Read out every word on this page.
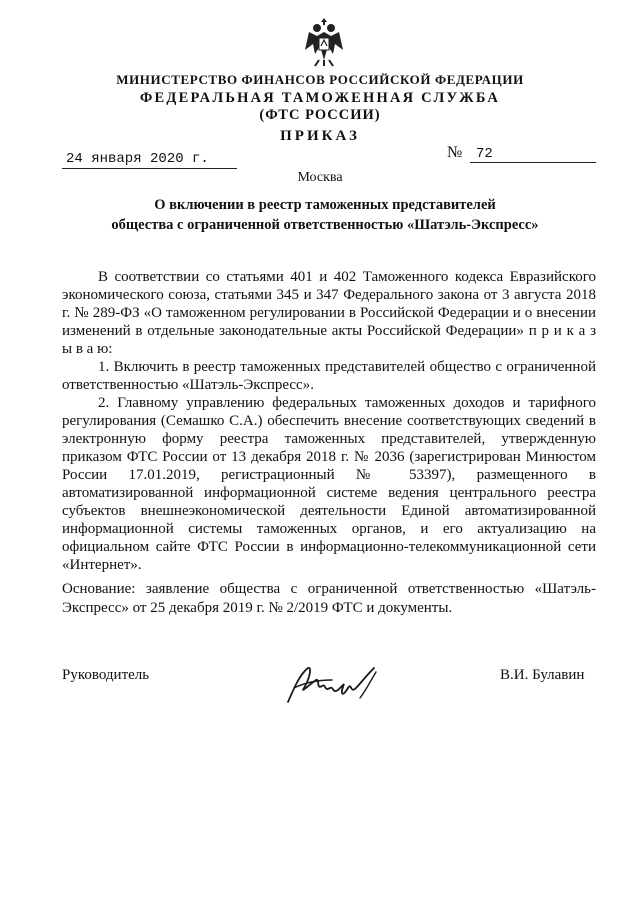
МИНИСТЕРСТВО ФИНАНСОВ РОССИЙСКОЙ ФЕДЕРАЦИИ
ФЕДЕРАЛЬНАЯ ТАМОЖЕННАЯ СЛУЖБА
(ФТС РОССИИ)
ПРИКАЗ
24 января 2020 г.	№ 72
Москва
О включении в реестр таможенных представителей
общества с ограниченной ответственностью «Шатэль-Экспресс»

В соответствии со статьями 401 и 402 Таможенного кодекса Евразийского экономического союза, статьями 345 и 347 Федерального закона от 3 августа 2018 г. № 289-ФЗ «О таможенном регулировании в Российской Федерации и о внесении изменений в отдельные законодательные акты Российской Федерации» п р и к а з ы в а ю:

1. Включить в реестр таможенных представителей общество с ограниченной ответственностью «Шатэль-Экспресс».

2. Главному управлению федеральных таможенных доходов и тарифного регулирования (Семашко С.А.) обеспечить внесение соответствующих сведений в электронную форму реестра таможенных представителей, утвержденную приказом ФТС России от 13 декабря 2018 г. № 2036 (зарегистрирован Минюстом России 17.01.2019, регистрационный № 53397), размещенного в автоматизированной информационной системе ведения центрального реестра субъектов внешнеэкономической деятельности Единой автоматизированной информационной системы таможенных органов, и его актуализацию на официальном сайте ФТС России в информационно-телекоммуникационной сети «Интернет».

Основание: заявление общества с ограниченной ответственностью «Шатэль-Экспресс» от 25 декабря 2019 г. № 2/2019 ФТС и документы.
Руководитель	В.И. Булавин
